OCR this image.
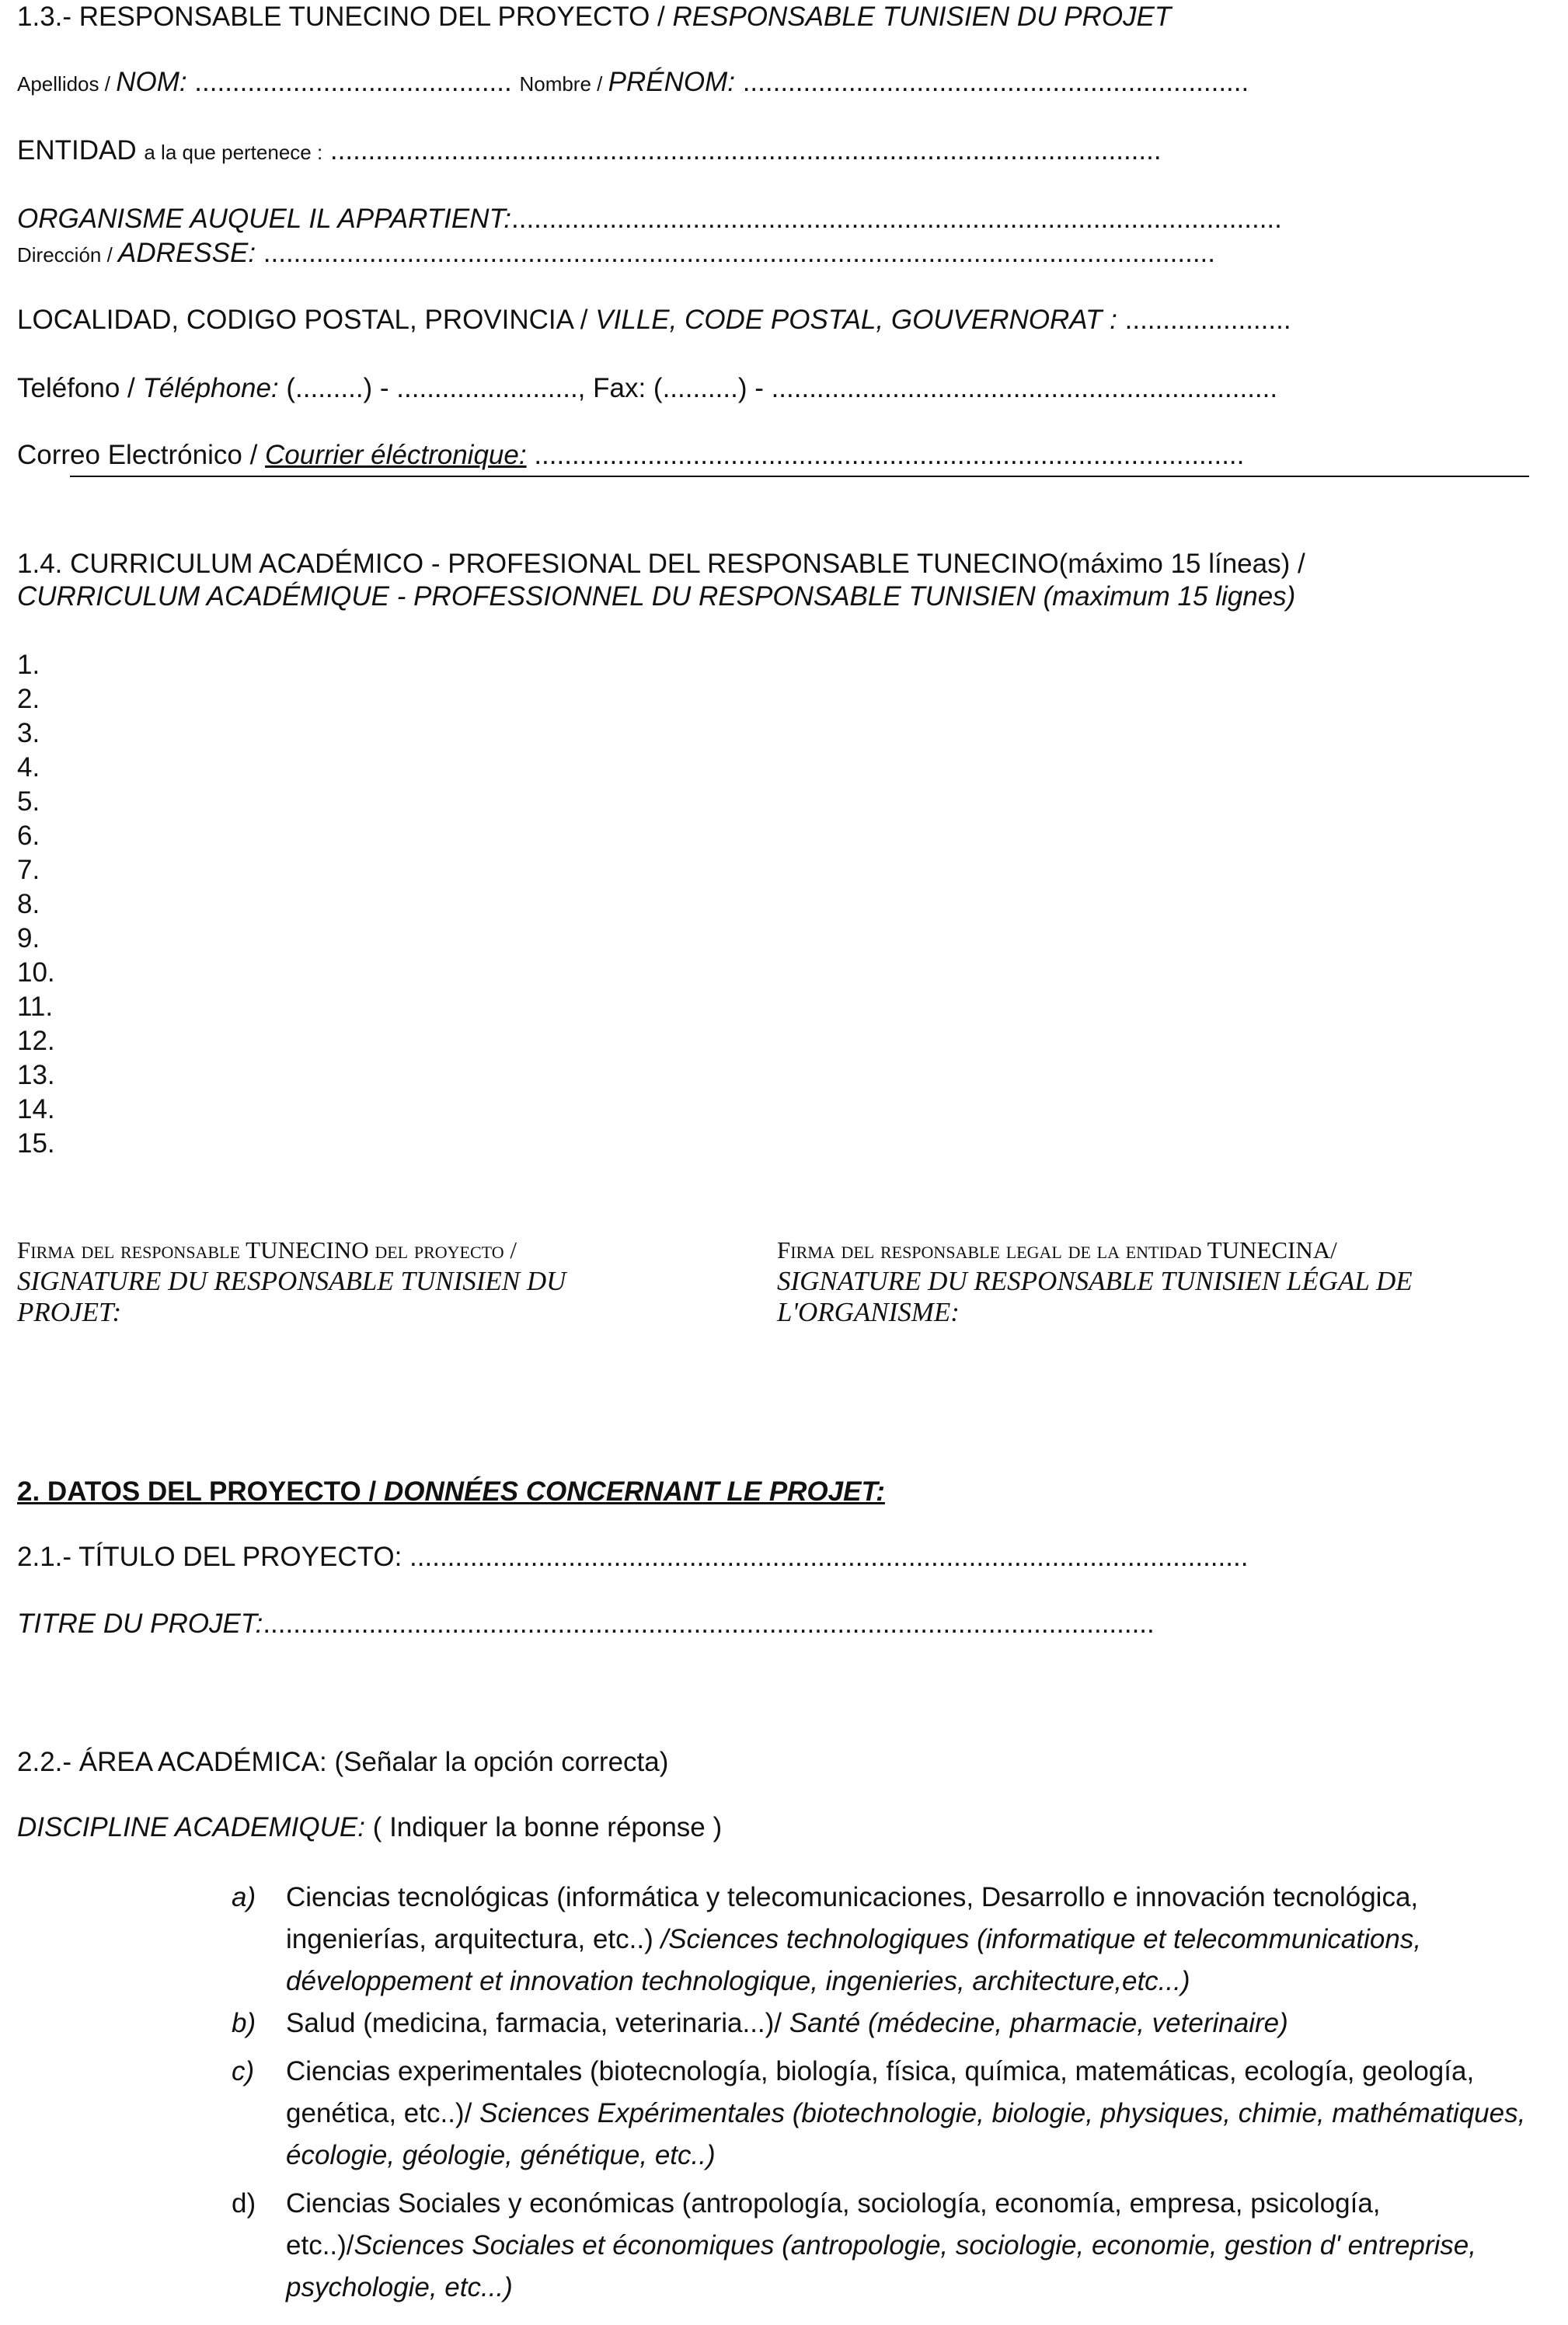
1.3.- RESPONSABLE TUNECINO DEL PROYECTO / RESPONSABLE TUNISIEN DU PROJET
Apellidos / NOM: .......................................... Nombre / PRÉNOM: ...................................................................
ENTIDAD a la que pertenece : ..............................................................................................................
ORGANISME AUQUEL IL APPARTIENT:......................................................................................................
Dirección / ADRESSE: ..............................................................................................................................
LOCALIDAD, CODIGO POSTAL, PROVINCIA / VILLE, CODE POSTAL, GOUVERNORAT : ......................
Teléfono / Téléphone: (.........) - ........................, Fax: (..........) - ...................................................................
Correo Electrónico / Courrier éléctronique: ..............................................................................................
1.4. CURRICULUM ACADÉMICO - PROFESIONAL DEL RESPONSABLE TUNECINO(máximo 15 líneas) /
CURRICULUM ACADÉMIQUE - PROFESSIONNEL DU RESPONSABLE TUNISIEN (maximum 15 lignes)
1.
2.
3.
4.
5.
6.
7.
8.
9.
10.
11.
12.
13.
14.
15.
Firma del responsable TUNECINO del proyecto /
SIGNATURE DU RESPONSABLE TUNISIEN DU
PROJET:
Firma del responsable legal de la entidad TUNECINA/
SIGNATURE DU RESPONSABLE TUNISIEN LÉGAL DE
L'ORGANISME:
2. DATOS DEL PROYECTO / DONNÉES CONCERNANT LE PROJET:
2.1.- TÍTULO DEL PROYECTO: ...............................................................................................................
TITRE DU PROJET:......................................................................................................................
2.2.- ÁREA ACADÉMICA: (Señalar la opción correcta)
DISCIPLINE ACADEMIQUE: ( Indiquer la bonne réponse )
a) Ciencias tecnológicas (informática y telecomunicaciones, Desarrollo e innovación tecnológica, ingenierías, arquitectura, etc..) /Sciences technologiques (informatique et telecommunications, développement et innovation technologique, ingenieries, architecture,etc...)
b) Salud (medicina, farmacia, veterinaria...)/ Santé (médecine, pharmacie, veterinaire)
c) Ciencias experimentales (biotecnología, biología, física, química, matemáticas, ecología, geología, genética, etc..)/ Sciences Expérimentales (biotechnologie, biologie, physiques, chimie, mathématiques, écologie, géologie, génétique, etc..)
d) Ciencias Sociales y económicas (antropología, sociología, economía, empresa, psicología, etc..)/Sciences Sociales et économiques (antropologie, sociologie, economie, gestion d' entreprise, psychologie, etc...)
